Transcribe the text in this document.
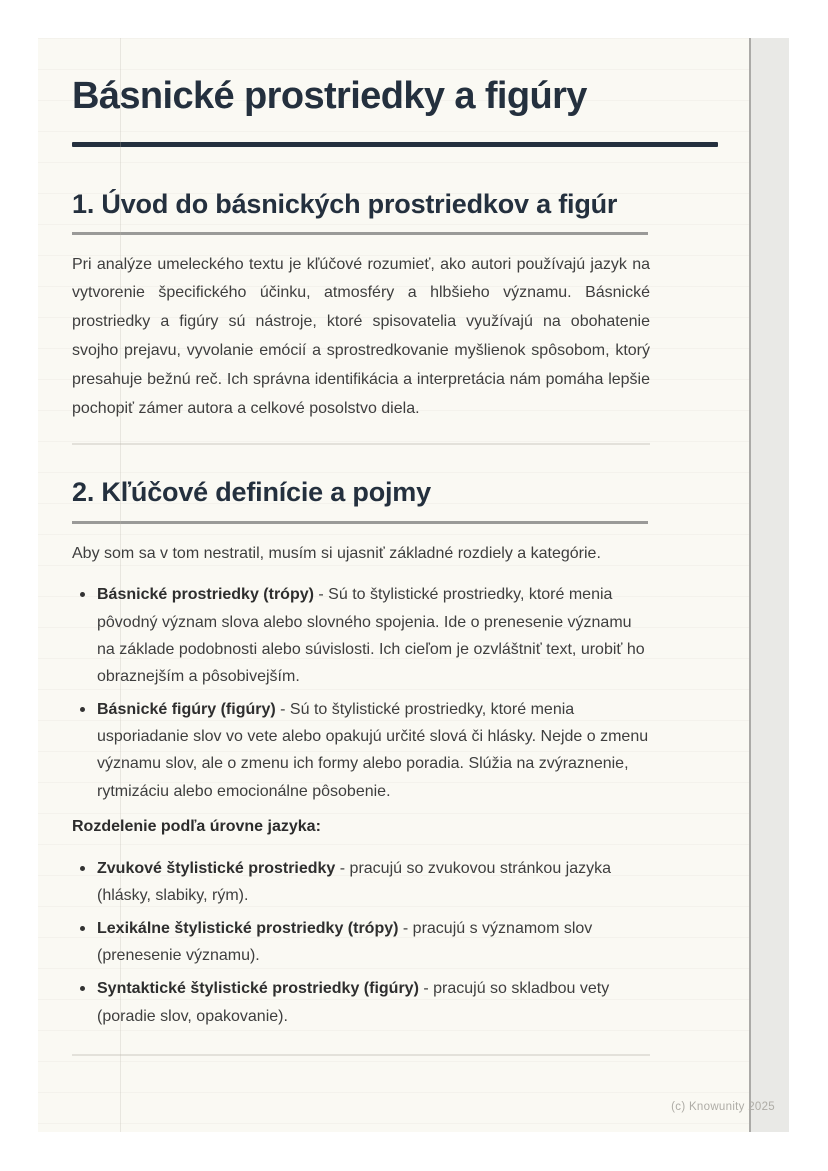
Básnické prostriedky a figúry
1. Úvod do básnických prostriedkov a figúr

Pri analýze umeleckého textu je kľúčové rozumieť, ako autori používajú jazyk na vytvorenie špecifického účinku, atmosféry a hlbšieho významu. Básnické prostriedky a figúry sú nástroje, ktoré spisovatelia využívajú na obohatenie svojho prejavu, vyvolanie emócií a sprostredkovanie myšlienok spôsobom, ktorý presahuje bežnú reč. Ich správna identifikácia a interpretácia nám pomáha lepšie pochopiť zámer autora a celkové posolstvo diela.

2. Kľúčové definície a pojmy

Aby som sa v tom nestratil, musím si ujasniť základné rozdiely a kategórie.

Básnické prostriedky (trópy) - Sú to štylistické prostriedky, ktoré menia pôvodný význam slova alebo slovného spojenia. Ide o prenesenie významu na základe podobnosti alebo súvislosti. Ich cieľom je ozvláštniť text, urobiť ho obraznejším a pôsobivejším.
Básnické figúry (figúry) - Sú to štylistické prostriedky, ktoré menia usporiadanie slov vo vete alebo opakujú určité slová či hlásky. Nejde o zmenu významu slov, ale o zmenu ich formy alebo poradia. Slúžia na zvýraznenie, rytmizáciu alebo emocionálne pôsobenie.

Rozdelenie podľa úrovne jazyka:

Zvukové štylistické prostriedky - pracujú so zvukovou stránkou jazyka (hlásky, slabiky, rým).
Lexikálne štylistické prostriedky (trópy) - pracujú s významom slov (prenesenie významu).
Syntaktické štylistické prostriedky (figúry) - pracujú so skladbou vety (poradie slov, opakovanie).
(c) Knowunity 2025
